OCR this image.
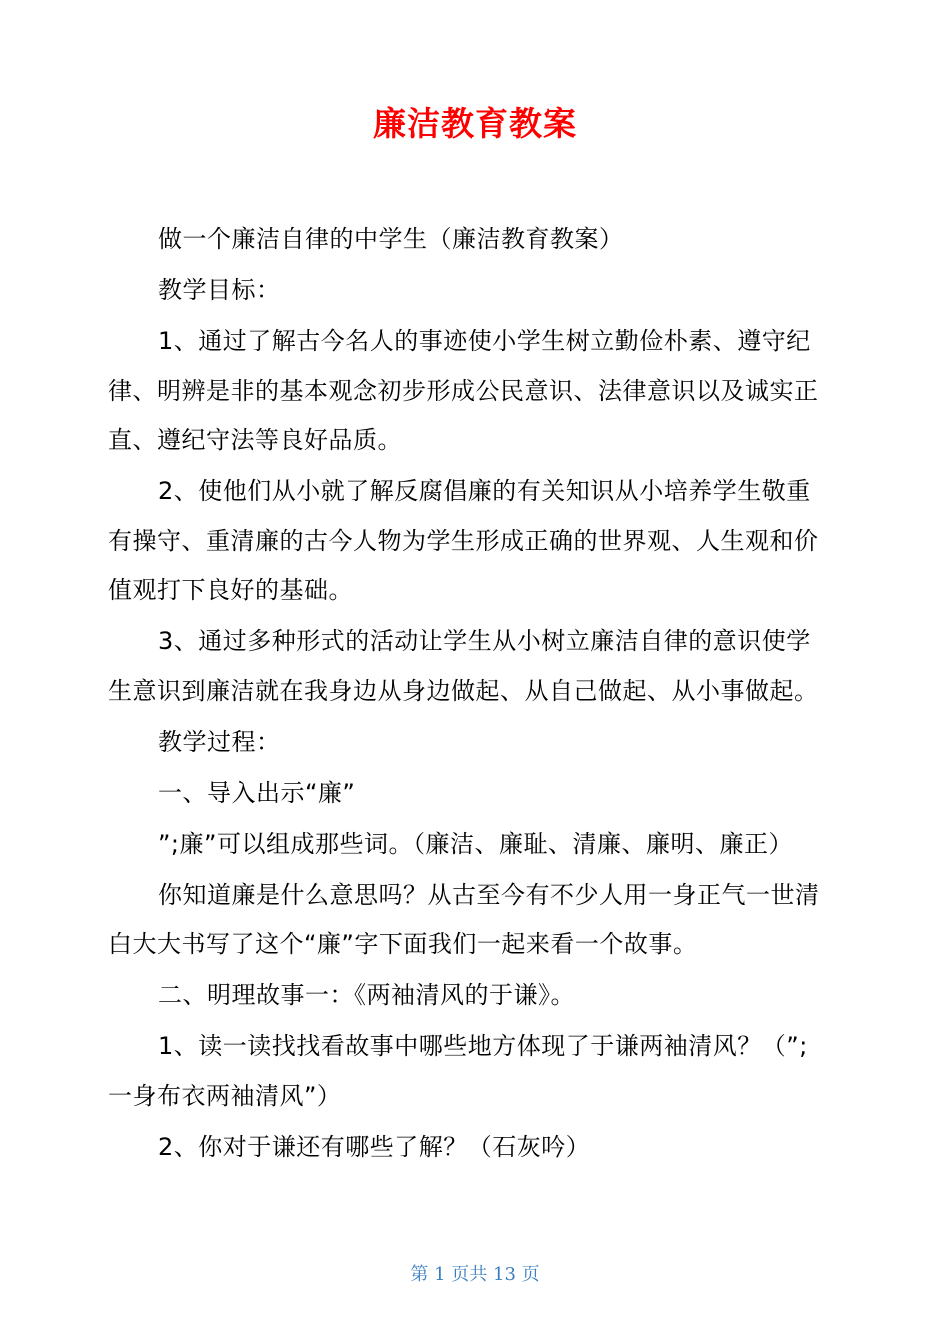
廉洁教育教案

做一个廉洁自律的中学生（廉洁教育教案）

教学目标：

1、通过了解古今名人的事迹使小学生树立勤俭朴素、遵守纪律、明辨是非的基本观念初步形成公民意识、法律意识以及诚实正直、遵纪守法等良好品质。

2、使他们从小就了解反腐倡廉的有关知识从小培养学生敬重有操守、重清廉的古今人物为学生形成正确的世界观、人生观和价值观打下良好的基础。

3、通过多种形式的活动让学生从小树立廉洁自律的意识使学生意识到廉洁就在我身边从身边做起、从自己做起、从小事做起。

教学过程：

一、导入出示“廉”

”;廉”可以组成那些词。（廉洁、廉耻、清廉、廉明、廉正）

你知道廉是什么意思吗？从古至今有不少人用一身正气一世清白大大书写了这个“廉”字下面我们一起来看一个故事。

二、明理故事一：《两袖清风的于谦》。

1、读一读找找看故事中哪些地方体现了于谦两袖清风？（”;一身布衣两袖清风”）

2、你对于谦还有哪些了解？（石灰吟）

第 1 页共 13 页
